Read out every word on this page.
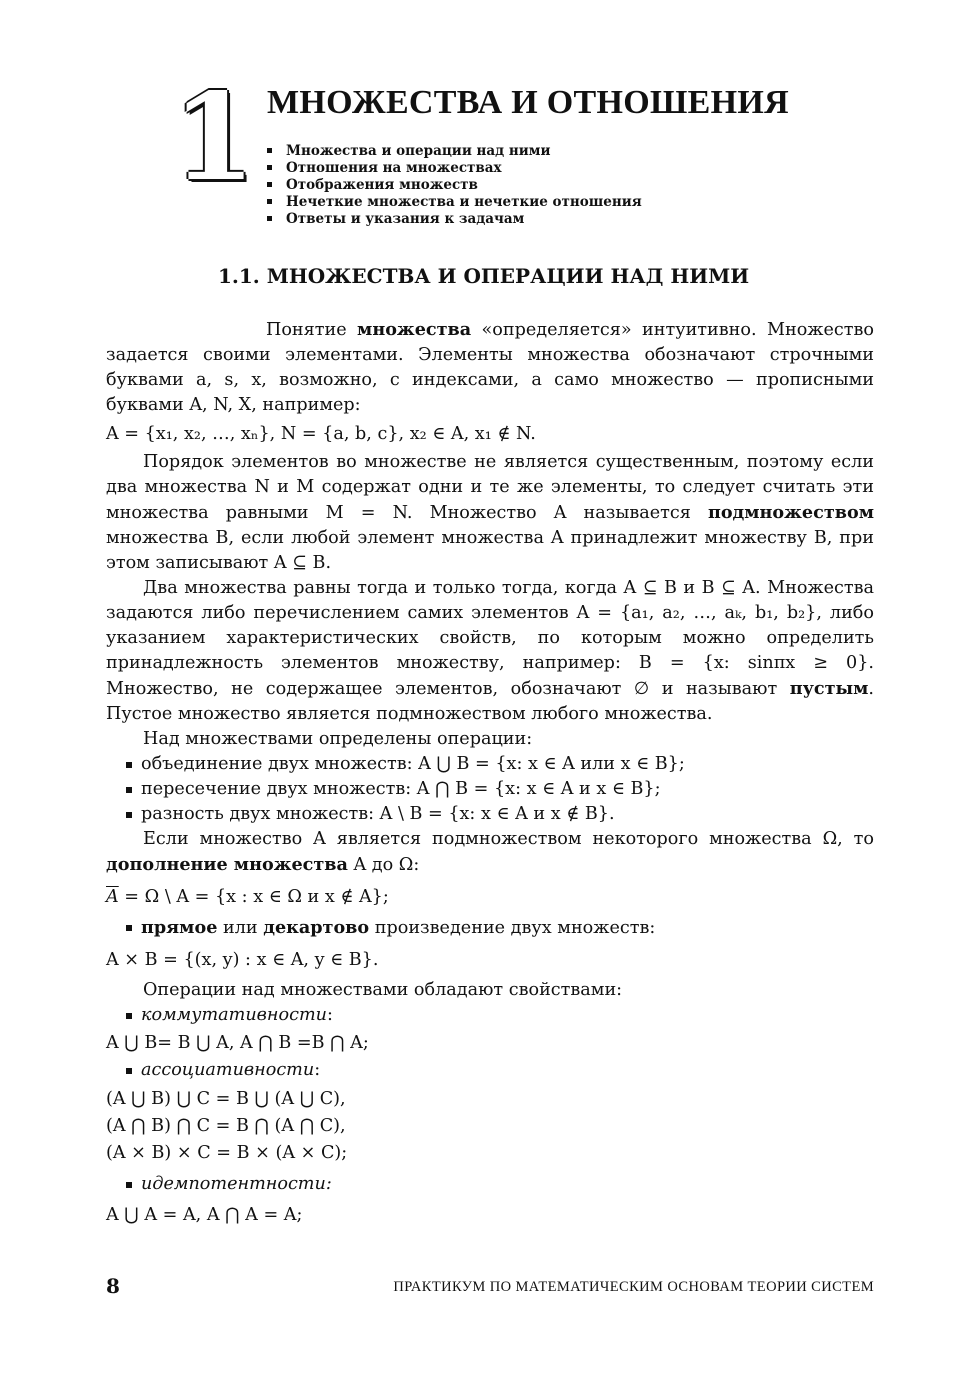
1 МНОЖЕСТВА И ОТНОШЕНИЯ
Множества и операции над ними
Отношения на множествах
Отображения множеств
Нечеткие множества и нечеткие отношения
Ответы и указания к задачам
1.1. МНОЖЕСТВА И ОПЕРАЦИИ НАД НИМИ

Понятие множества «определяется» интуитивно. Множество задается своими элементами. Элементы множества обозначают строчными буквами a, s, x, возможно, с индексами, а само множество — прописными буквами A, N, X, например:

A = {x₁, x₂, …, xₙ}, N = {a, b, c}, x₂ ∈ A, x₁ ∉ N.

Порядок элементов во множестве не является существенным, поэтому если два множества N и M содержат одни и те же элементы, то следует считать эти множества равными M = N. Множество A называется подмножеством множества B, если любой элемент множества A принадлежит множеству B, при этом записывают A ⊆ B.

Два множества равны тогда и только тогда, когда A ⊆ B и B ⊆ A. Множества задаются либо перечислением самих элементов A = {a₁, a₂, …, aₖ, b₁, b₂}, либо указанием характеристических свойств, по которым можно определить принадлежность элементов множеству, например: B = {x: sinπx ≥ 0}. Множество, не содержащее элементов, обозначают ∅ и называют пустым. Пустое множество является подмножеством любого множества.

Над множествами определены операции:

объединение двух множеств: A ⋃ B = {x: x ∈ A или x ∈ B};

пересечение двух множеств: A ⋂ B = {x: x ∈ A и x ∈ B};

разность двух множеств: A \ B = {x: x ∈ A и x ∉ B}.

Если множество A является подмножеством некоторого множества Ω, то дополнение множества A до Ω:

$\overline{A} = \Omega$ \ A = {x : x ∈ Ω и x ∉ A};

прямое или декартово произведение двух множеств:

A × B = {(x, y) : x ∈ A, y ∈ B}.

Операции над множествами обладают свойствами:

коммутативности:

A ⋃ B= B ⋃ A, A ⋂ B =B ⋂ A;

ассоциативности:

(A ⋃ B) ⋃ C = B ⋃ (A ⋃ C),

(A ⋂ B) ⋂ C = B ⋂ (A ⋂ C),

(A × B) × C = B × (A × C);

идемпотентности:

A ⋃ A = A, A ⋂ A = A;

8	ПРАКТИКУМ ПО МАТЕМАТИЧЕСКИМ ОСНОВАМ ТЕОРИИ СИСТЕМ
